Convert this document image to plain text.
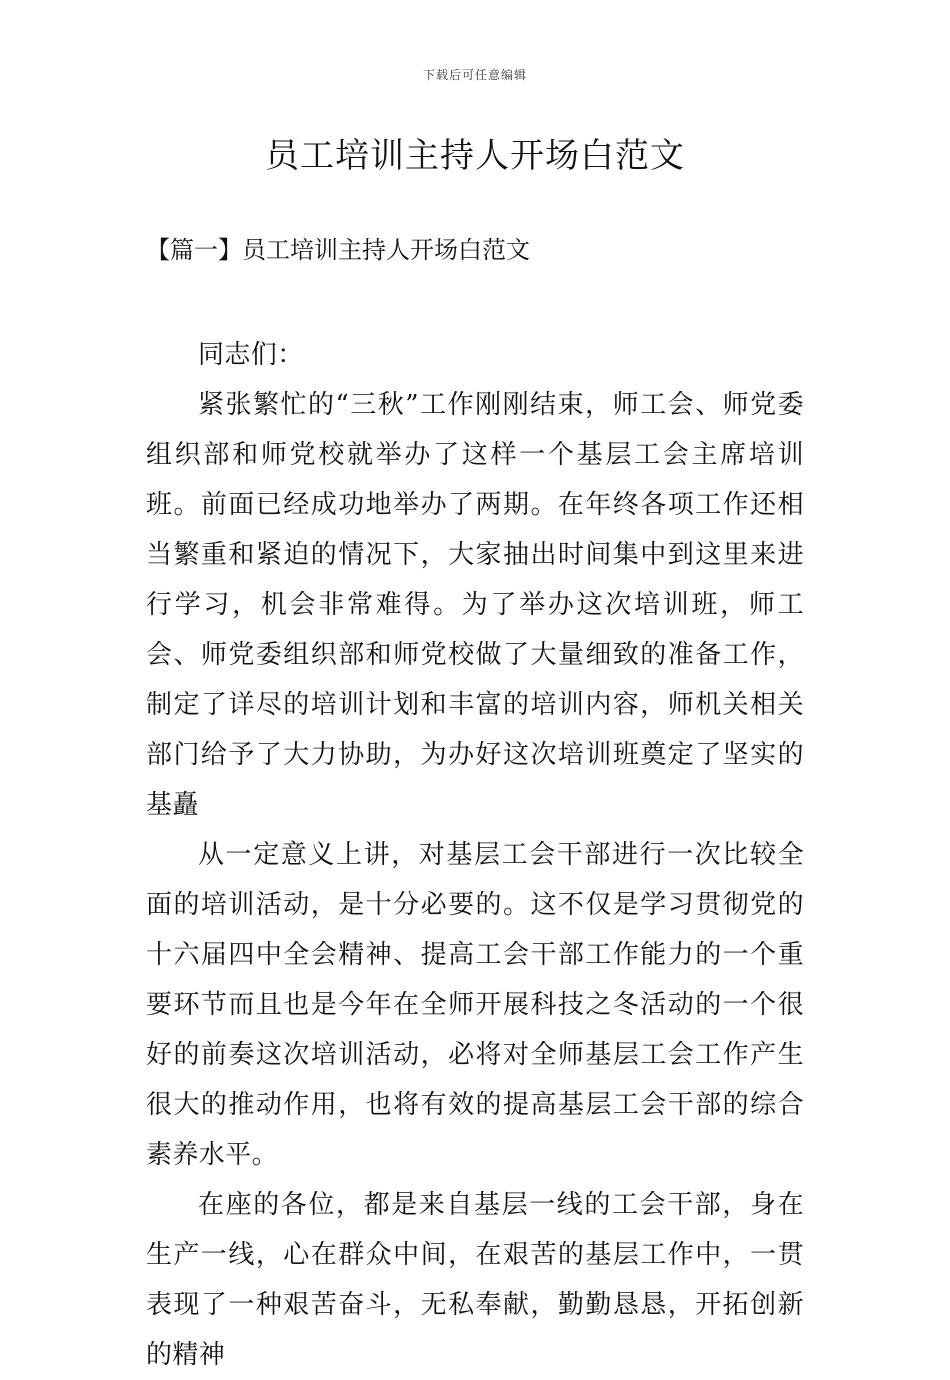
下载后可任意编辑
员工培训主持人开场白范文
【篇一】员工培训主持人开场白范文

同志们：

紧张繁忙的“三秋”工作刚刚结束，师工会、师党委组织部和师党校就举办了这样一个基层工会主席培训班。前面已经成功地举办了两期。在年终各项工作还相当繁重和紧迫的情况下，大家抽出时间集中到这里来进行学习，机会非常难得。为了举办这次培训班，师工会、师党委组织部和师党校做了大量细致的准备工作，制定了详尽的培训计划和丰富的培训内容，师机关相关部门给予了大力协助，为办好这次培训班奠定了坚实的基矗

从一定意义上讲，对基层工会干部进行一次比较全面的培训活动，是十分必要的。这不仅是学习贯彻党的十六届四中全会精神、提高工会干部工作能力的一个重要环节而且也是今年在全师开展科技之冬活动的一个很好的前奏这次培训活动，必将对全师基层工会工作产生很大的推动作用，也将有效的提高基层工会干部的综合素养水平。

在座的各位，都是来自基层一线的工会干部，身在生产一线，心在群众中间，在艰苦的基层工作中，一贯表现了一种艰苦奋斗，无私奉献，勤勤恳恳，开拓创新的精神
